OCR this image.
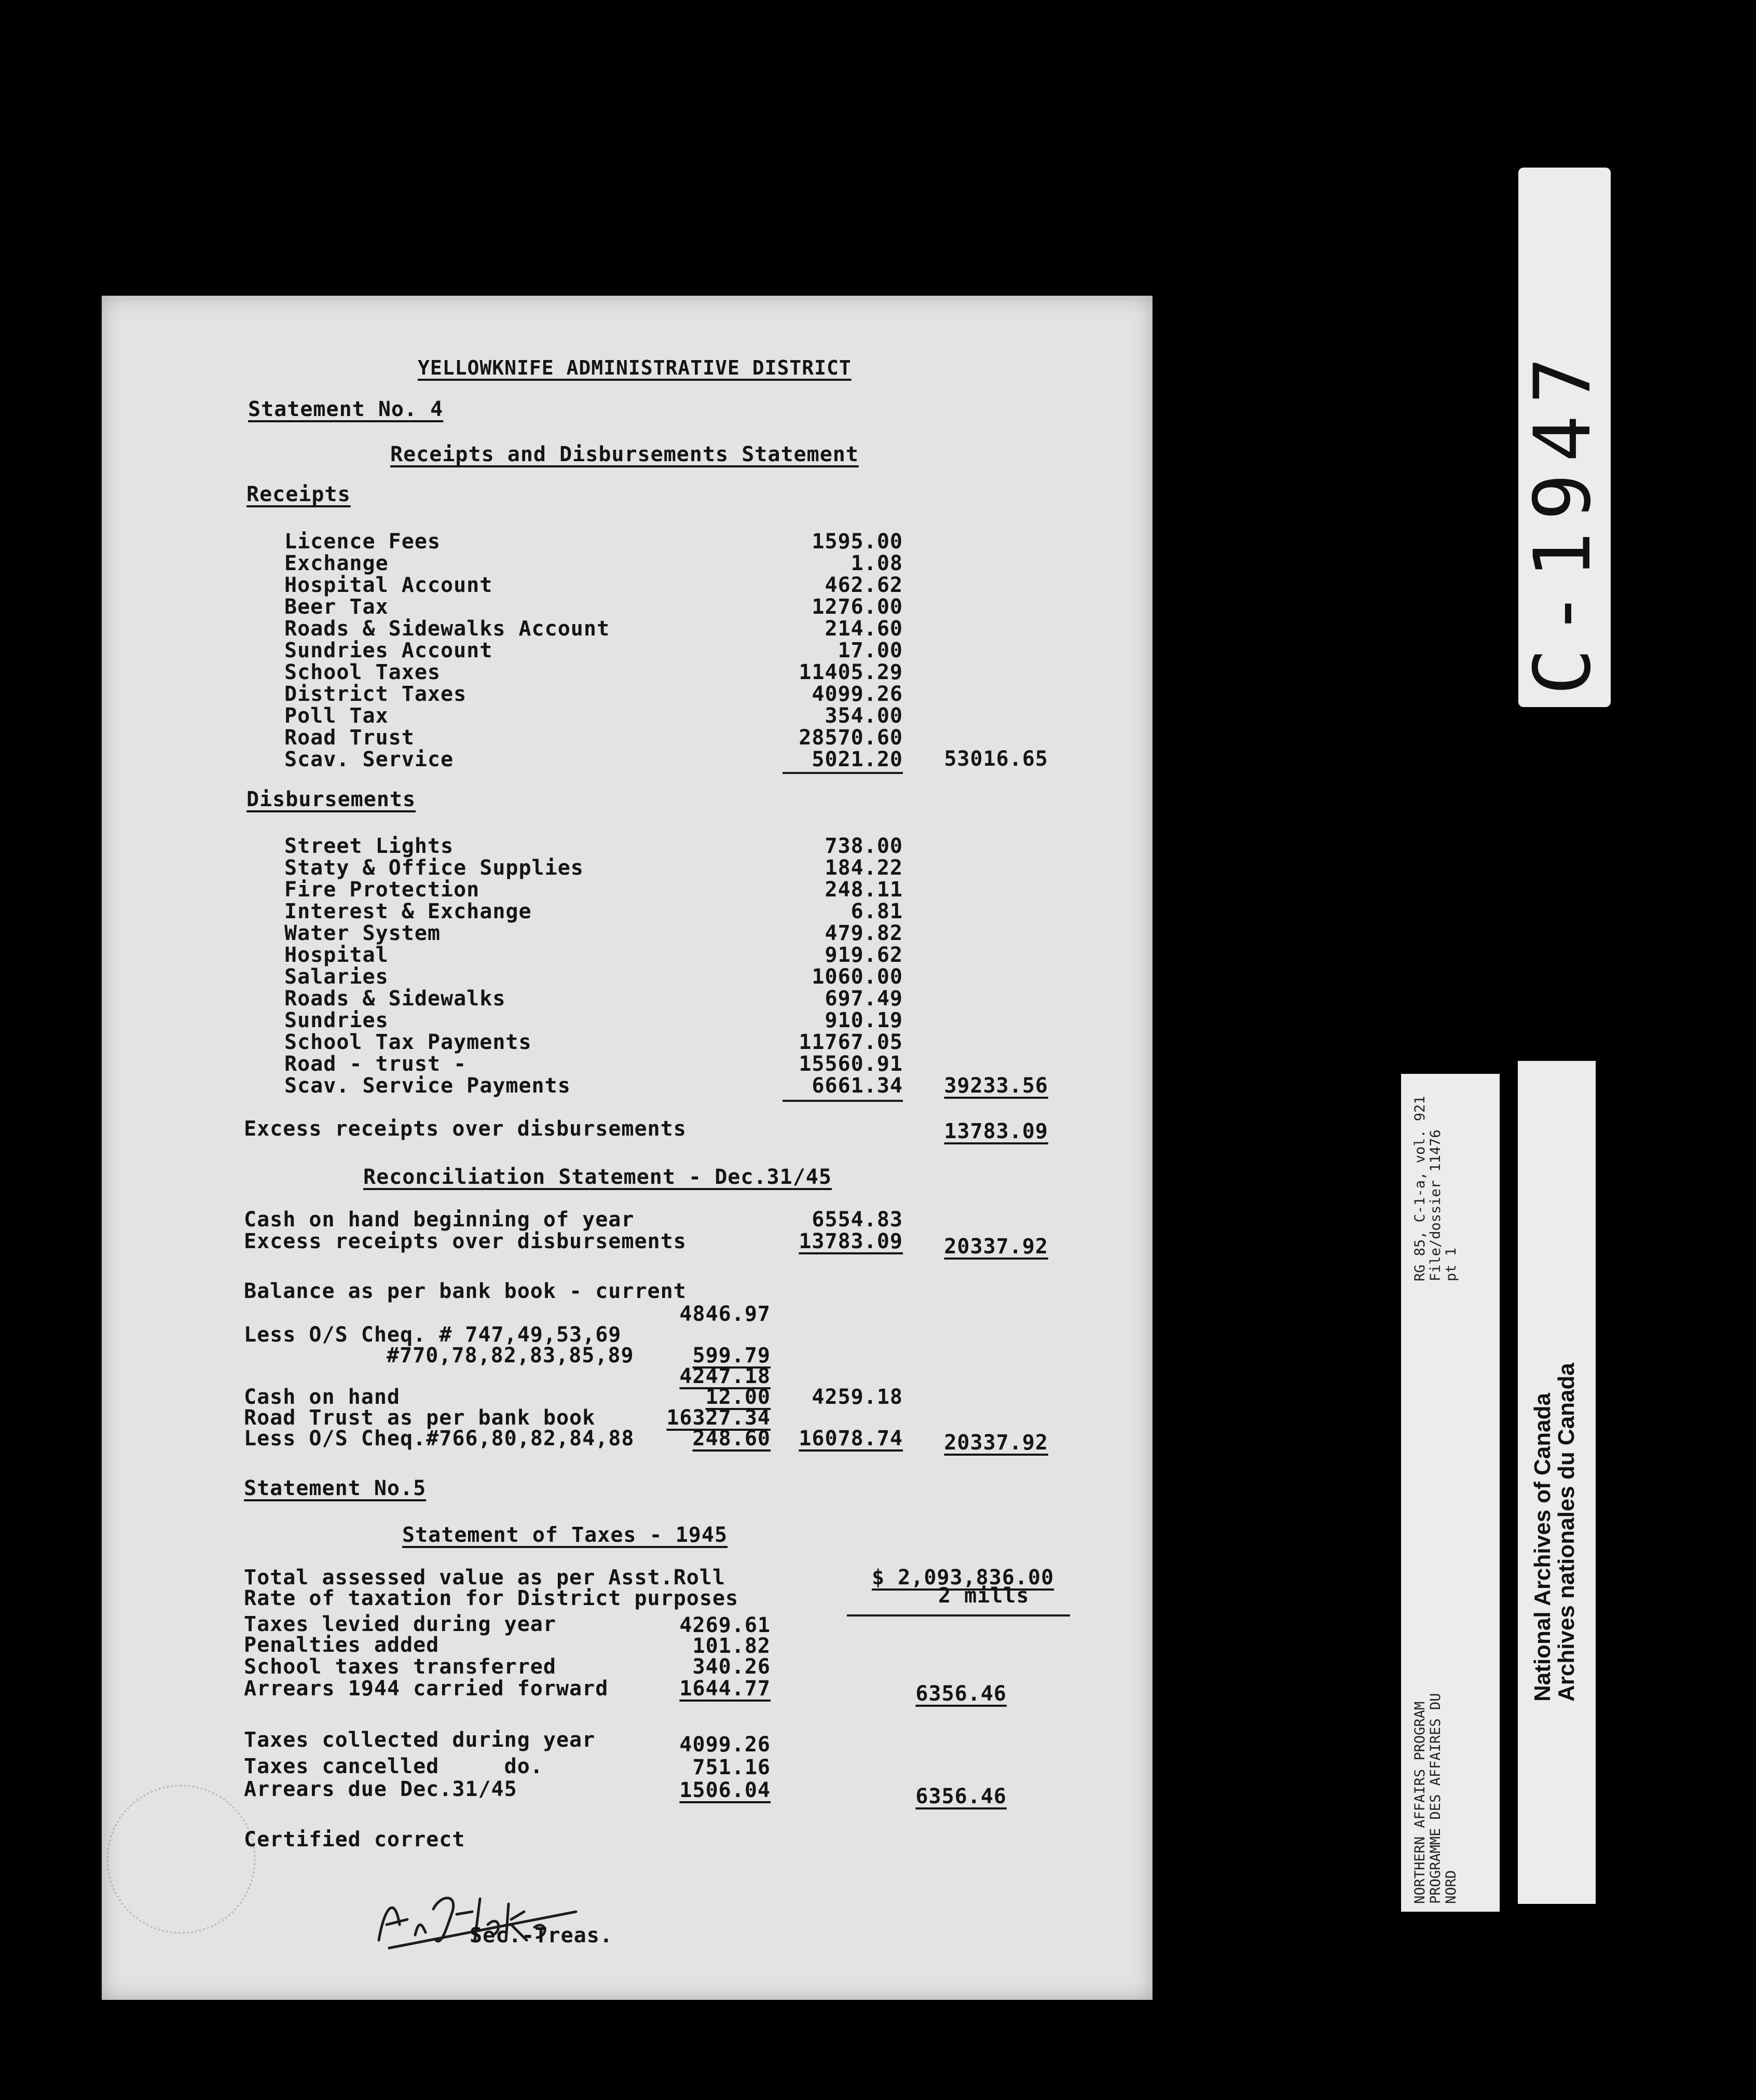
YELLOWKNIFE ADMINISTRATIVE DISTRICT
Statement No. 4
Receipts and Disbursements Statement
Receipts
Licence Fees	1595.00
Exchange	1.08
Hospital Account	462.62
Beer Tax	1276.00
Roads & Sidewalks Account	214.60
Sundries Account	17.00
School Taxes	11405.29
District Taxes	4099.26
Poll Tax	354.00
Road Trust	28570.60
Scav. Service	5021.20	53016.65
Disbursements
Street Lights	738.00
Staty & Office Supplies	184.22
Fire Protection	248.11
Interest & Exchange	6.81
Water System	479.82
Hospital	919.62
Salaries	1060.00
Roads & Sidewalks	697.49
Sundries	910.19
School Tax Payments	11767.05
Road - trust -	15560.91
Scav. Service Payments	6661.34	39233.56
Excess receipts over disbursements	13783.09
Reconciliation Statement - Dec.31/45
Cash on hand beginning of year	6554.83
Excess receipts over disbursements	13783.09	20337.92
Balance as per bank book - current
4846.97
Less O/S Cheq. # 747,49,53,69
#770,78,82,83,85,89	599.79
4247.18
Cash on hand	12.00	4259.18
Road Trust as per bank book	16327.34
Less O/S Cheq.#766,80,82,84,88	248.60	16078.74	20337.92
Statement No.5
Statement of Taxes - 1945
Total assessed value as per Asst.Roll	$ 2,093,836.00
Rate of taxation for District purposes	2 mills
Taxes levied during year	4269.61
Penalties added	101.82
School taxes transferred	340.26
Arrears 1944 carried forward	1644.77	6356.46
Taxes collected during year	4099.26
Taxes cancelled     do.	751.16
Arrears due Dec.31/45	1506.04	6356.46
Certified correct
Sec.-Treas.
C-1947
NORTHERN AFFAIRS PROGRAM PROGRAMME DES AFFAIRES DU NORD
RG 85, C-1-a, vol. 921 File/dossier 11476 pt 1
National Archives of Canada
Archives nationales du Canada
